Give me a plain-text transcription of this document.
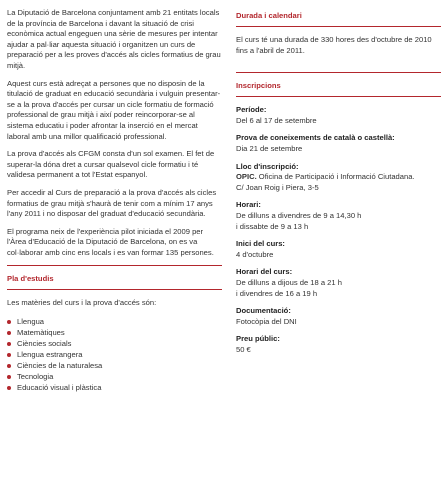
La Diputació de Barcelona conjuntament amb 21 entitats locals de la província de Barcelona i davant la situació de crisi econòmica actual engeguen una sèrie de mesures per intentar ajudar a pal·liar aquesta situació i organitzen un curs de preparació per a les proves d'accés als cicles formatius de grau mitjà.

Aquest curs està adreçat a persones que no disposin de la titulació de graduat en educació secundària i vulguin presentar-se a la prova d'accés per cursar un cicle formatiu de formació professional de grau mitjà i així poder reincorporar-se al sistema educatiu i poder afrontar la inserció en el mercat laboral amb una millor qualificació professional.

La prova d'accés als CFGM consta d'un sol examen. El fet de superar-la dóna dret a cursar qualsevol cicle formatiu i té validesa permanent a tot l'Estat espanyol.

Per accedir al Curs de preparació a la prova d'accés als cicles formatius de grau mitjà s'haurà de tenir com a mínim 17 anys l'any 2011 i no disposar del graduat d'educació secundària.

El programa neix de l'experiència pilot iniciada el 2009 per l'Àrea d'Educació de la Diputació de Barcelona, on es va col·laborar amb cinc ens locals i es van formar 135 persones.

Pla d'estudis

Les matèries del curs i la prova d'accés són:

Llengua
Matemàtiques
Ciències socials
Llengua estrangera
Ciències de la naturalesa
Tecnologia
Educació visual i plàstica
Durada i calendari

El curs té una durada de 330 hores des d'octubre de 2010 fins a l'abril de 2011.

Inscripcions
Període:
Del 6 al 17 de setembre
Prova de coneixements de català o castellà:
Dia 21 de setembre
Lloc d'inscripció:
OPIC. Oficina de Participació i Informació Ciutadana.
C/ Joan Roig i Piera, 3-5
Horari:
De dilluns a divendres de 9 a 14,30 h
i dissabte de 9 a 13 h
Inici del curs:
4 d'octubre
Horari del curs:
De dilluns a dijous de 18 a 21 h
i divendres de 16 a 19 h
Documentació:
Fotocòpia del DNI
Preu públic:
50 €
